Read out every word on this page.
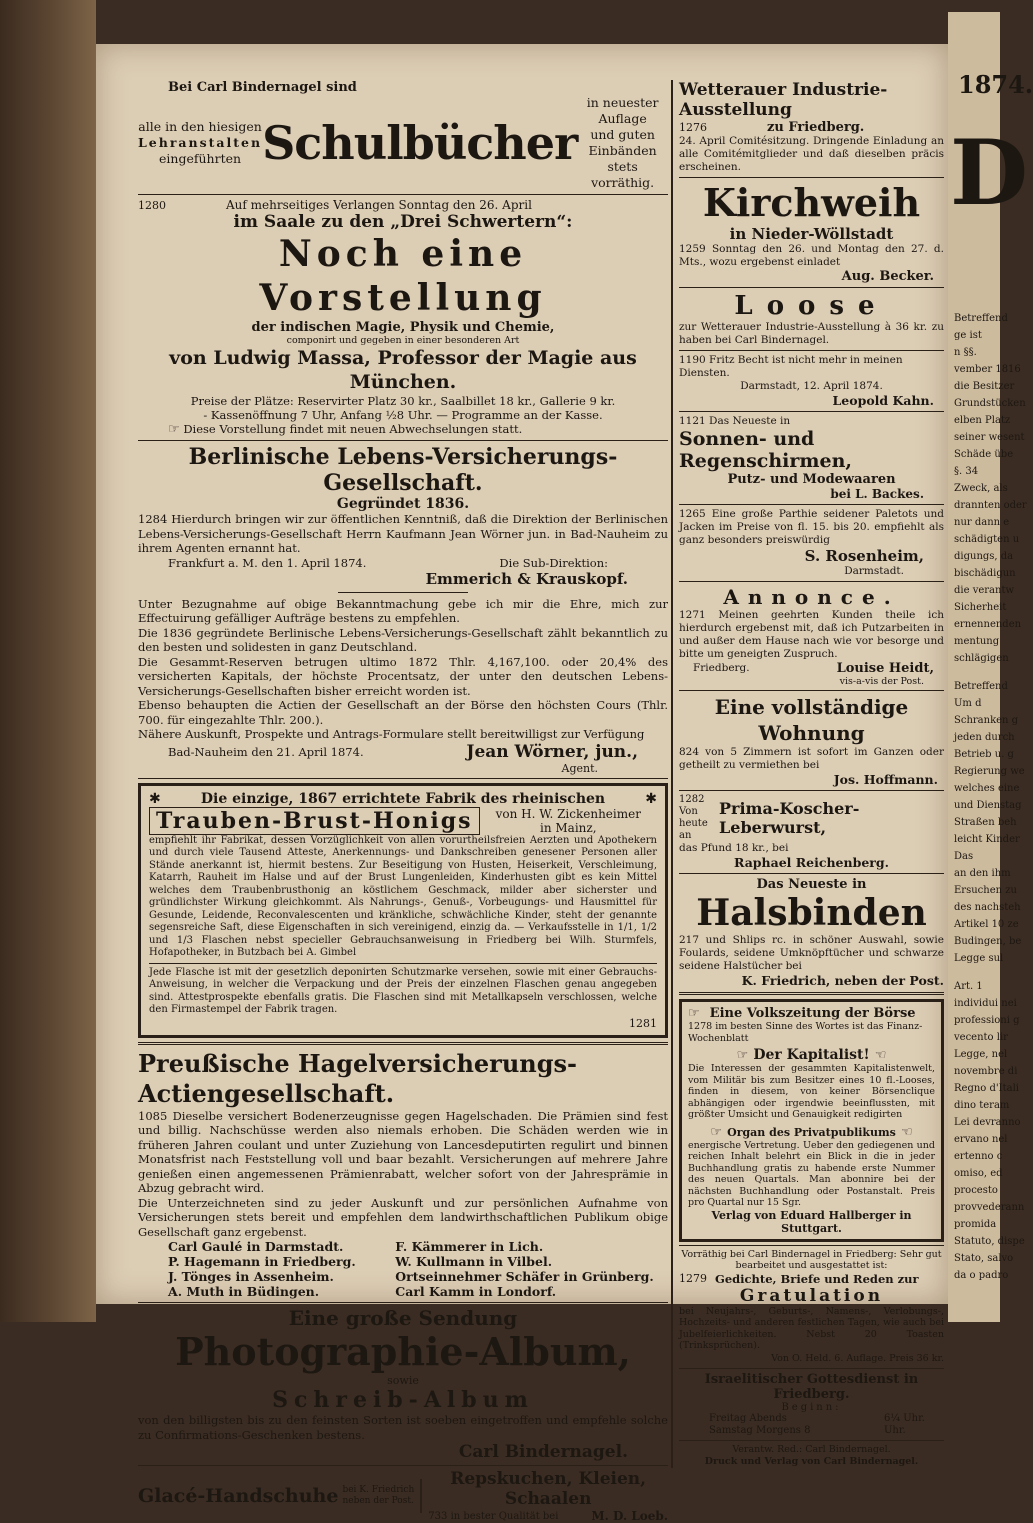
1874.
D
Betreffend
ge ist
n §§.
vember 1816
die Besitzer
Grundstücken
elben Platz
seiner wesent
Schäde übe
§. 34
Zweck, als
drannten oder
nur dann e
schädigten u
digungs, da
bischädigun
die verantw
Sicherheit
ernennenden
mentung
schlägigen
Betreffend
Um d
Schranken g
jeden durch
Betrieb u. g
Regierung we
welches eine
und Dienstag
Straßen beh
leicht Kinder
Das
an den ihm
Ersuchen zu
des nachsteh
Artikel 10 ze
Budingen, be
Legge sul
Art. 1
individui nei
professioni g
vecento lir
Legge, nel
novembre di
Regno d'Itali
dino teram
Lei devranno
ervano nel
ertenno c
omiso, ed
procesto
provvederann
promida
Statuto, dispe
Stato, salvo
da o padro
Bei Carl Bindernagel sind
alle in den hiesigen
Lehranstalten
eingeführten Schulbücher
in neuester Auflage
und guten Einbänden
stets vorräthig.
1280	Auf mehrseitiges Verlangen Sonntag den 26. April
im Saale zu den „Drei Schwertern“:
Noch eine Vorstellung
der indischen Magie, Physik und Chemie,
componirt und gegeben in einer besonderen Art
von Ludwig Massa, Professor der Magie aus München.
Preise der Plätze: Reservirter Platz 30 kr., Saalbillet 18 kr., Gallerie 9 kr.
- Kassenöffnung 7 Uhr, Anfang ½8 Uhr. — Programme an der Kasse.
☞ Diese Vorstellung findet mit neuen Abwechselungen statt.
Berlinische Lebens-Versicherungs-Gesellschaft.
Gegründet 1836.
1284 Hierdurch bringen wir zur öffentlichen Kenntniß, daß die Direktion der Berlinischen Lebens-Versicherungs-Gesellschaft Herrn Kaufmann Jean Wörner jun. in Bad-Nauheim zu ihrem Agenten ernannt hat.
Frankfurt a. M. den 1. April 1874.	Die Sub-Direktion:
Emmerich & Krauskopf.
Unter Bezugnahme auf obige Bekanntmachung gebe ich mir die Ehre, mich zur Effectuirung gefälliger Aufträge bestens zu empfehlen.
Die 1836 gegründete Berlinische Lebens-Versicherungs-Gesellschaft zählt bekanntlich zu den besten und solidesten in ganz Deutschland.
Die Gesammt-Reserven betrugen ultimo 1872 Thlr. 4,167,100. oder 20,4% des versicherten Kapitals, der höchste Procentsatz, der unter den deutschen Lebens-Versicherungs-Gesellschaften bisher erreicht worden ist.
Ebenso behaupten die Actien der Gesellschaft an der Börse den höchsten Cours (Thlr. 700. für eingezahlte Thlr. 200.).
Nähere Auskunft, Prospekte und Antrags-Formulare stellt bereitwilligst zur Verfügung
Bad-Nauheim den 21. April 1874.	Jean Wörner, jun.,
Agent.
✱	Die einzige, 1867 errichtete Fabrik des rheinischen	✱
Trauben-Brust-Honigs	von H. W. Zickenheimer
in Mainz,
empfiehlt ihr Fabrikat, dessen Vorzüglichkeit von allen vorurtheilsfreien Aerzten und Apothekern und durch viele Tausend Atteste, Anerkennungs- und Dankschreiben genesener Personen aller Stände anerkannt ist, hiermit bestens. Zur Beseitigung von Husten, Heiserkeit, Verschleimung, Katarrh, Rauheit im Halse und auf der Brust Lungenleiden, Kinderhusten gibt es kein Mittel welches dem Traubenbrusthonig an köstlichem Geschmack, milder aber sicherster und gründlichster Wirkung gleichkommt. Als Nahrungs-, Genuß-, Vorbeugungs- und Hausmittel für Gesunde, Leidende, Reconvalescenten und kränkliche, schwächliche Kinder, steht der genannte segensreiche Saft, diese Eigenschaften in sich vereinigend, einzig da. — Verkaufsstelle in 1/1, 1/2 und 1/3 Flaschen nebst specieller Gebrauchsanweisung in Friedberg bei Wilh. Sturmfels, Hofapotheker, in Butzbach bei A. Gimbel
Jede Flasche ist mit der gesetzlich deponirten Schutzmarke versehen, sowie mit einer Gebrauchs-Anweisung, in welcher die Verpackung und der Preis der einzelnen Flaschen genau angegeben sind. Attestprospekte ebenfalls gratis. Die Flaschen sind mit Metallkapseln verschlossen, welche den Firmastempel der Fabrik tragen.
1281
Preußische Hagelversicherungs-Actiengesellschaft.
1085 Dieselbe versichert Bodenerzeugnisse gegen Hagelschaden. Die Prämien sind fest und billig. Nachschüsse werden also niemals erhoben. Die Schäden werden wie in früheren Jahren coulant und unter Zuziehung von Lancesdeputirten regulirt und binnen Monatsfrist nach Feststellung voll und baar bezahlt. Versicherungen auf mehrere Jahre genießen einen angemessenen Prämienrabatt, welcher sofort von der Jahresprämie in Abzug gebracht wird.
Die Unterzeichneten sind zu jeder Auskunft und zur persönlichen Aufnahme von Versicherungen stets bereit und empfehlen dem landwirthschaftlichen Publikum obige Gesellschaft ganz ergebenst.
Carl Gaulé in Darmstadt.	F. Kämmerer in Lich.
P. Hagemann in Friedberg.	W. Kullmann in Vilbel.
J. Tönges in Assenheim.	Ortseinnehmer Schäfer in Grünberg.
A. Muth in Büdingen.	Carl Kamm in Londorf.
Eine große Sendung
Photographie-Album,
sowie
Schreib-Album
von den billigsten bis zu den feinsten Sorten ist soeben eingetroffen und empfehle solche zu Confirmations-Geschenken bestens.
Carl Bindernagel.
Glacé-Handschuhe bei K. Friedrich
neben der Post.
Repskuchen, Kleien, Schaalen
733 in bester Qualität bei	M. D. Loeb.
Wetterauer Industrie-Ausstellung
1276	zu Friedberg.
24. April Comitésitzung. Dringende Einladung an alle Comitémitglieder und daß dieselben präcis erscheinen.
Kirchweih
in Nieder-Wöllstadt
1259 Sonntag den 26. und Montag den 27. d. Mts., wozu ergebenst einladet
Aug. Becker.
Loose
zur Wetterauer Industrie-Ausstellung à 36 kr. zu haben bei Carl Bindernagel.
1190 Fritz Becht ist nicht mehr in meinen Diensten.
Darmstadt, 12. April 1874.
Leopold Kahn.
1121 Das Neueste in
Sonnen- und Regenschirmen,
Putz- und Modewaaren
bei L. Backes.
1265 Eine große Parthie seidener Paletots und Jacken im Preise von fl. 15. bis 20. empfiehlt als ganz besonders preiswürdig
S. Rosenheim,
Darmstadt.
Annonce.
1271 Meinen geehrten Kunden theile ich hierdurch ergebenst mit, daß ich Putzarbeiten in und außer dem Hause nach wie vor besorge und bitte um geneigten Zuspruch.
Friedberg.	Louise Heidt,
vis-a-vis der Post.
Eine vollständige Wohnung
824 von 5 Zimmern ist sofort im Ganzen oder getheilt zu vermiethen bei
Jos. Hoffmann.
1282
Von heute an
Prima-Koscher-Leberwurst,
das Pfund 18 kr., bei
Raphael Reichenberg.
Das Neueste in
Halsbinden
217 und Shlips rc. in schöner Auswahl, sowie Foulards, seidene Umknöpftücher und schwarze seidene Halstücher bei
K. Friedrich, neben der Post.
☞ Eine Volkszeitung der Börse
1278 im besten Sinne des Wortes ist das Finanz-Wochenblatt
☞ Der Kapitalist! ☜
Die Interessen der gesammten Kapitalistenwelt, vom Militär bis zum Besitzer eines 10 fl.-Looses, finden in diesem, von keiner Börsenclique abhängigen oder irgendwie beeinflussten, mit größter Umsicht und Genauigkeit redigirten
☞ Organ des Privatpublikums ☜
energische Vertretung. Ueber den gediegenen und reichen Inhalt belehrt ein Blick in die in jeder Buchhandlung gratis zu habende erste Nummer des neuen Quartals. Man abonnire bei der nächsten Buchhandlung oder Postanstalt. Preis pro Quartal nur 15 Sgr.
Verlag von Eduard Hallberger in Stuttgart.
Vorräthig bei Carl Bindernagel in Friedberg: Sehr gut bearbeitet und ausgestattet ist:
1279 Gedichte, Briefe und Reden zur
Gratulation
bei Neujahrs-, Geburts-, Namens-, Verlobungs-, Hochzeits- und anderen festlichen Tagen, wie auch bei Jubelfeierlichkeiten. Nebst 20 Toasten (Trinksprüchen).
Von O. Held. 6. Auflage. Preis 36 kr.
Israelitischer Gottesdienst in Friedberg.
Beginn:
Freitag Abends	6¼ Uhr.
Samstag Morgens 8	Uhr.
Verantw. Red.: Carl Bindernagel.
Druck und Verlag von Carl Bindernagel.
